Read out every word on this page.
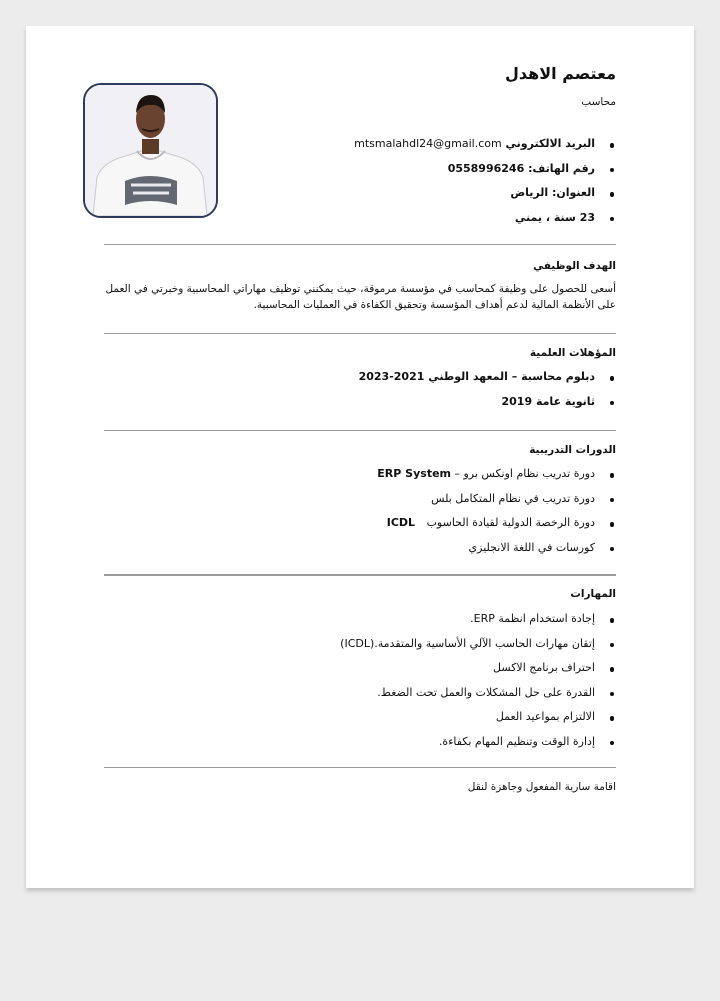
معتصم الاهدل
محاسب
البريد الالكتروني mtsmalahdl24@gmail.com
رقم الهاتف: 0558996246
العنوان: الرياض
23 سنة ، يمني
الهدف الوظيفي

أسعى للحصول على وظيفة كمحاسب في مؤسسة مرموقة، حيث يمكنني توظيف مهاراتي المحاسبية وخبرتي في العمل على الأنظمة المالية لدعم أهداف المؤسسة وتحقيق الكفاءة في العمليات المحاسبية.

المؤهلات العلمية
دبلوم محاسبة – المعهد الوطني 2021-2023
ثانوية عامة 2019
الدورات التدريبية
دورة تدريب نظام اونكس برو – ERP System
دورة تدريب في نظام المتكامل بلس
دورة الرخصة الدولية لقيادة الحاسوب ICDL
كورسات في اللغة الانجليزي
المهارات
إجادة استخدام انظمة ERP.
إتقان مهارات الحاسب الآلي الأساسية والمتقدمة.(ICDL)
احتراف برنامج الاكسل
القدرة على حل المشكلات والعمل تحت الضغط.
الالتزام بمواعيد العمل
إدارة الوقت وتنظيم المهام بكفاءة.
اقامة سارية المفعول وجاهزة لنقل
